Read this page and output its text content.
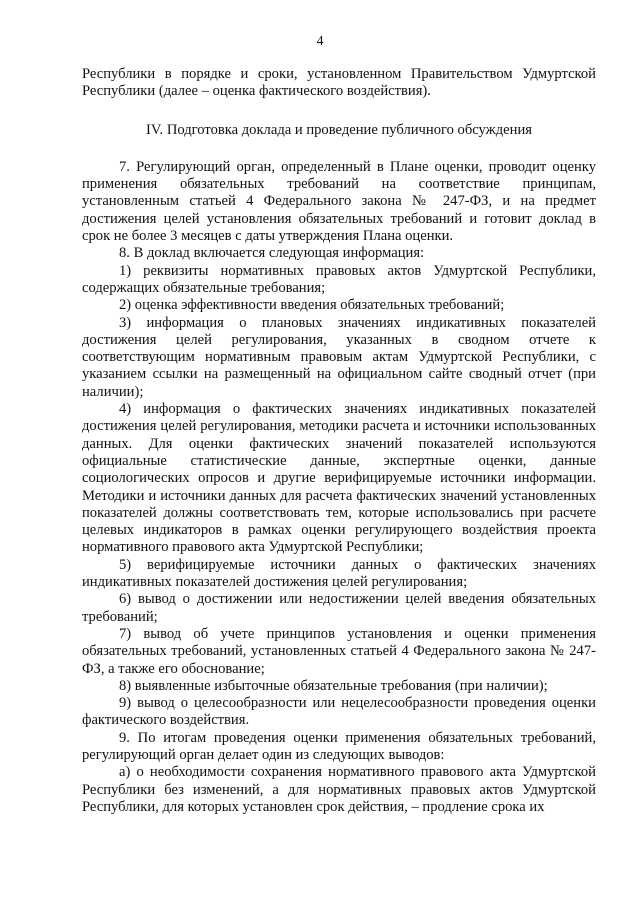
4

Республики в порядке и сроки, установленном Правительством Удмуртской Республики (далее – оценка фактического воздействия).

IV. Подготовка доклада и проведение публичного обсуждения

7. Регулирующий орган, определенный в Плане оценки, проводит оценку применения обязательных требований на соответствие принципам, установленным статьей 4 Федерального закона № 247-ФЗ, и на предмет достижения целей установления обязательных требований и готовит доклад в срок не более 3 месяцев с даты утверждения Плана оценки.

8. В доклад включается следующая информация:

1) реквизиты нормативных правовых актов Удмуртской Республики, содержащих обязательные требования;

2) оценка эффективности введения обязательных требований;

3) информация о плановых значениях индикативных показателей достижения целей регулирования, указанных в сводном отчете к соответствующим нормативным правовым актам Удмуртской Республики, с указанием ссылки на размещенный на официальном сайте сводный отчет (при наличии);

4) информация о фактических значениях индикативных показателей достижения целей регулирования, методики расчета и источники использованных данных. Для оценки фактических значений показателей используются официальные статистические данные, экспертные оценки, данные социологических опросов и другие верифицируемые источники информации. Методики и источники данных для расчета фактических значений установленных показателей должны соответствовать тем, которые использовались при расчете целевых индикаторов в рамках оценки регулирующего воздействия проекта нормативного правового акта Удмуртской Республики;

5) верифицируемые источники данных о фактических значениях индикативных показателей достижения целей регулирования;

6) вывод о достижении или недостижении целей введения обязательных требований;

7) вывод об учете принципов установления и оценки применения обязательных требований, установленных статьей 4 Федерального закона № 247-ФЗ, а также его обоснование;

8) выявленные избыточные обязательные требования (при наличии);

9) вывод о целесообразности или нецелесообразности проведения оценки фактического воздействия.

9. По итогам проведения оценки применения обязательных требований, регулирующий орган делает один из следующих выводов:

а) о необходимости сохранения нормативного правового акта Удмуртской Республики без изменений, а для нормативных правовых актов Удмуртской Республики, для которых установлен срок действия, – продление срока их
